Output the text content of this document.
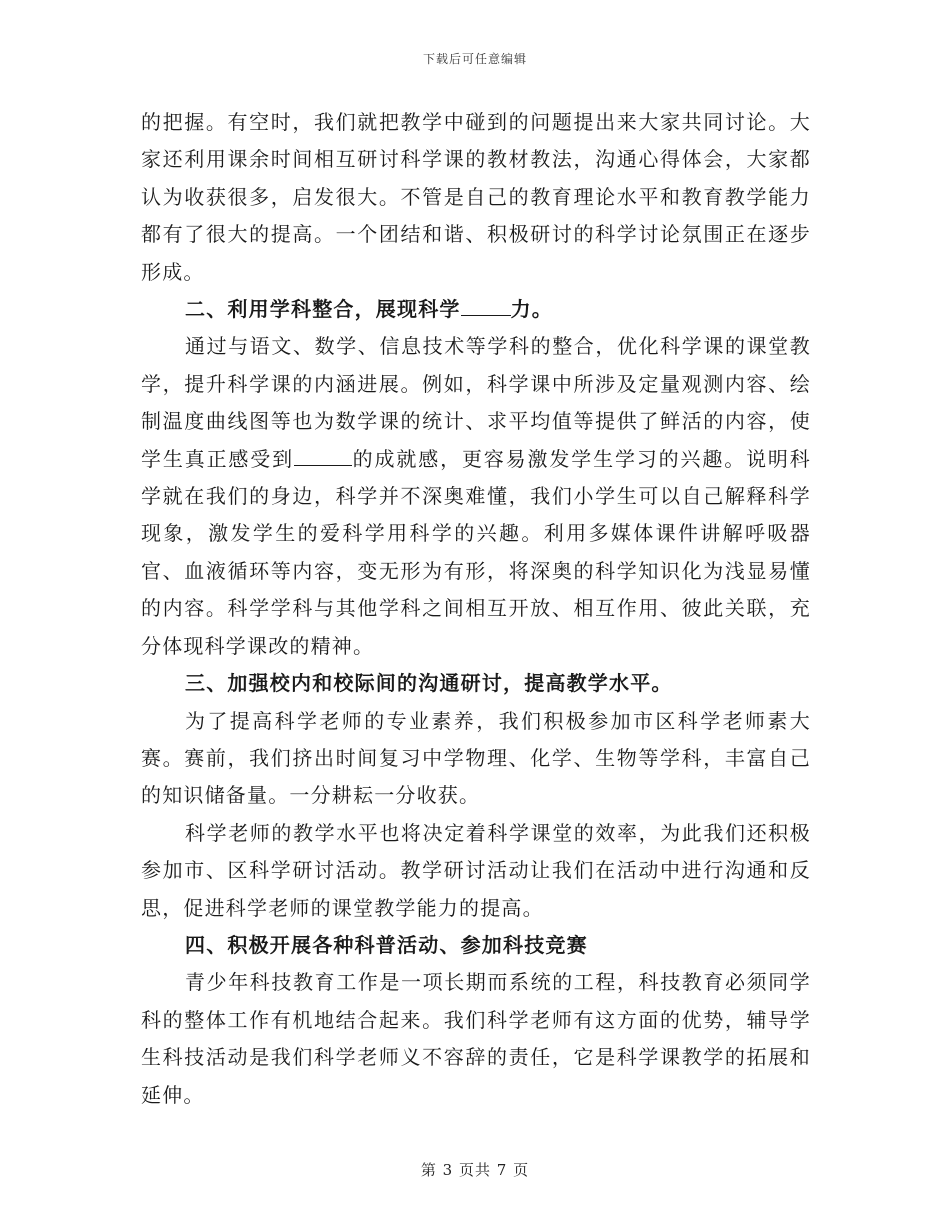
下载后可任意编辑

的把握。有空时，我们就把教学中碰到的问题提出来大家共同讨论。大家还利用课余时间相互研讨科学课的教材教法，沟通心得体会，大家都认为收获很多，启发很大。不管是自己的教育理论水平和教育教学能力都有了很大的提高。一个团结和谐、积极研讨的科学讨论氛围正在逐步形成。

二、利用学科整合，展现科学	力。

通过与语文、数学、信息技术等学科的整合，优化科学课的课堂教学，提升科学课的内涵进展。例如，科学课中所涉及定量观测内容、绘制温度曲线图等也为数学课的统计、求平均值等提供了鲜活的内容，使学生真正感受到	的成就感，更容易激发学生学习的兴趣。说明科学就在我们的身边，科学并不深奥难懂，我们小学生可以自己解释科学现象，激发学生的爱科学用科学的兴趣。利用多媒体课件讲解呼吸器官、血液循环等内容，变无形为有形，将深奥的科学知识化为浅显易懂的内容。科学学科与其他学科之间相互开放、相互作用、彼此关联，充分体现科学课改的精神。

三、加强校内和校际间的沟通研讨，提高教学水平。

为了提高科学老师的专业素养，我们积极参加市区科学老师素大赛。赛前，我们挤出时间复习中学物理、化学、生物等学科，丰富自己的知识储备量。一分耕耘一分收获。

科学老师的教学水平也将决定着科学课堂的效率，为此我们还积极参加市、区科学研讨活动。教学研讨活动让我们在活动中进行沟通和反思，促进科学老师的课堂教学能力的提高。

四、积极开展各种科普活动、参加科技竞赛

青少年科技教育工作是一项长期而系统的工程，科技教育必须同学科的整体工作有机地结合起来。我们科学老师有这方面的优势，辅导学生科技活动是我们科学老师义不容辞的责任，它是科学课教学的拓展和延伸。

第 3 页共 7 页
